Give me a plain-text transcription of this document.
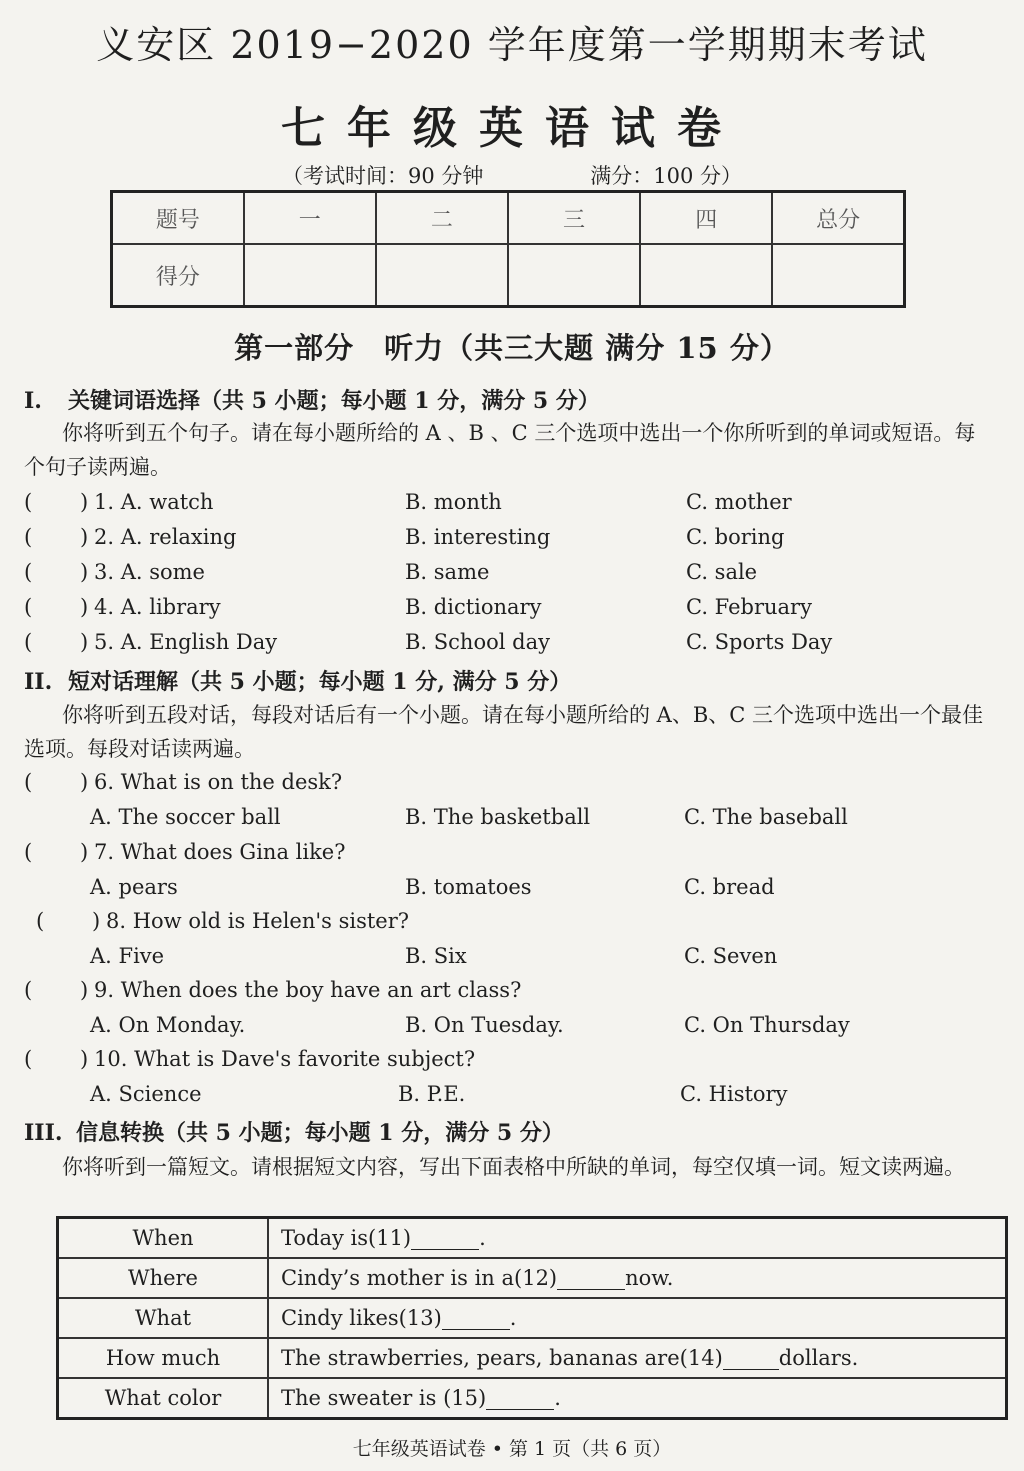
义安区 2019−2020 学年度第一学期期末考试
七年级英语试卷
（考试时间：90 分钟	满分：100 分）
题号	一	二	三	四	总分
得分					
第一部分　听力（共三大题 满分 15 分）
I. 关键词语选择（共 5 小题；每小题 1 分，满分 5 分）
你将听到五个句子。请在每小题所给的 A 、B 、C 三个选项中选出一个你所听到的单词或短语。每个句子读两遍。
( ) 1. A. watch	B. month	C. mother
( ) 2. A. relaxing	B. interesting	C. boring
( ) 3. A. some	B. same	C. sale
( ) 4. A. library	B. dictionary	C. February
( ) 5. A. English Day	B. School day	C. Sports Day
II. 短对话理解（共 5 小题；每小题 1 分, 满分 5 分）
你将听到五段对话，每段对话后有一个小题。请在每小题所给的 A、B、C 三个选项中选出一个最佳选项。每段对话读两遍。
( ) 6. What is on the desk?
A. The soccer ball	B. The basketball	C. The baseball
( ) 7. What does Gina like?
A. pears	B. tomatoes	C. bread
( ) 8. How old is Helen's sister?
A. Five	B. Six	C. Seven
( ) 9. When does the boy have an art class?
A. On Monday.	B. On Tuesday.	C. On Thursday
( ) 10. What is Dave's favorite subject?
A. Science	B. P.E.	C. History
III. 信息转换（共 5 小题；每小题 1 分，满分 5 分）
你将听到一篇短文。请根据短文内容，写出下面表格中所缺的单词，每空仅填一词。短文读两遍。
When	Today is(11) .
Where	Cindy’s mother is in a(12) now.
What	Cindy likes(13) .
How much	The strawberries, pears, bananas are(14) dollars.
What color	The sweater is (15) .
七年级英语试卷 • 第 1 页（共 6 页）
